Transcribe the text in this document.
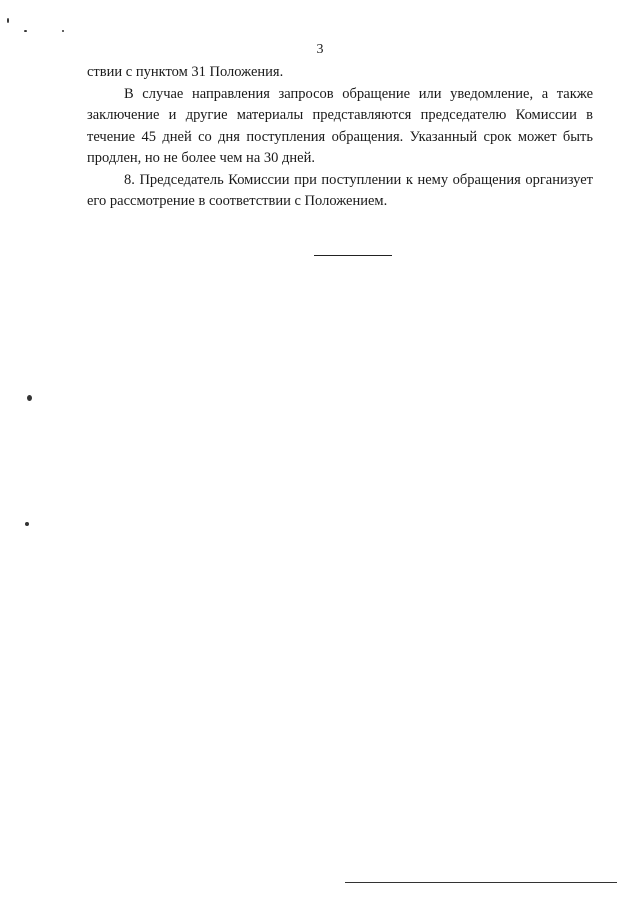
3

ствии с пунктом 31 Положения.

В случае направления запросов обращение или уведомление, а также заключение и другие материалы представляются председателю Комиссии в течение 45 дней со дня поступления обращения. Указанный срок может быть продлен, но не более чем на 30 дней.

8. Председатель Комиссии при поступлении к нему обращения организует его рассмотрение в соответствии с Положением.
